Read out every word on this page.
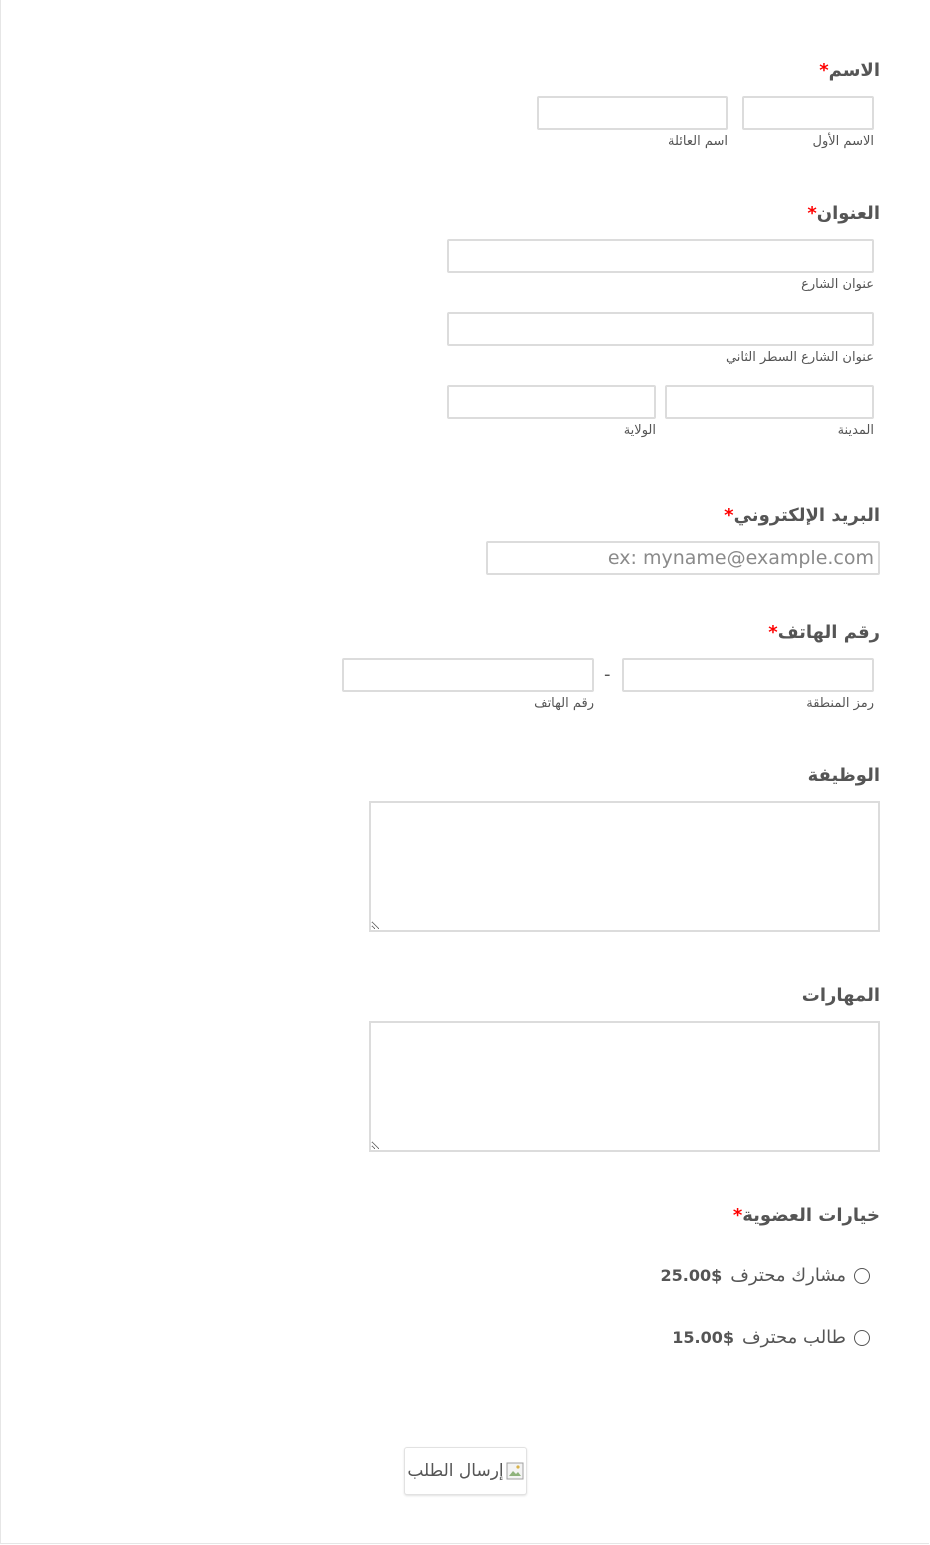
الاسم*
الاسم الأول
اسم العائلة
العنوان*
عنوان الشارع
عنوان الشارع السطر الثاني
المدينة
الولاية
البريد الإلكتروني*
ex: myname@example.com
رقم الهاتف*
-
رمز المنطقة
رقم الهاتف
الوظيفة
المهارات
خيارات العضوية*
مشارك محترف
25.00$
طالب محترف
15.00$
إرسال الطلب
